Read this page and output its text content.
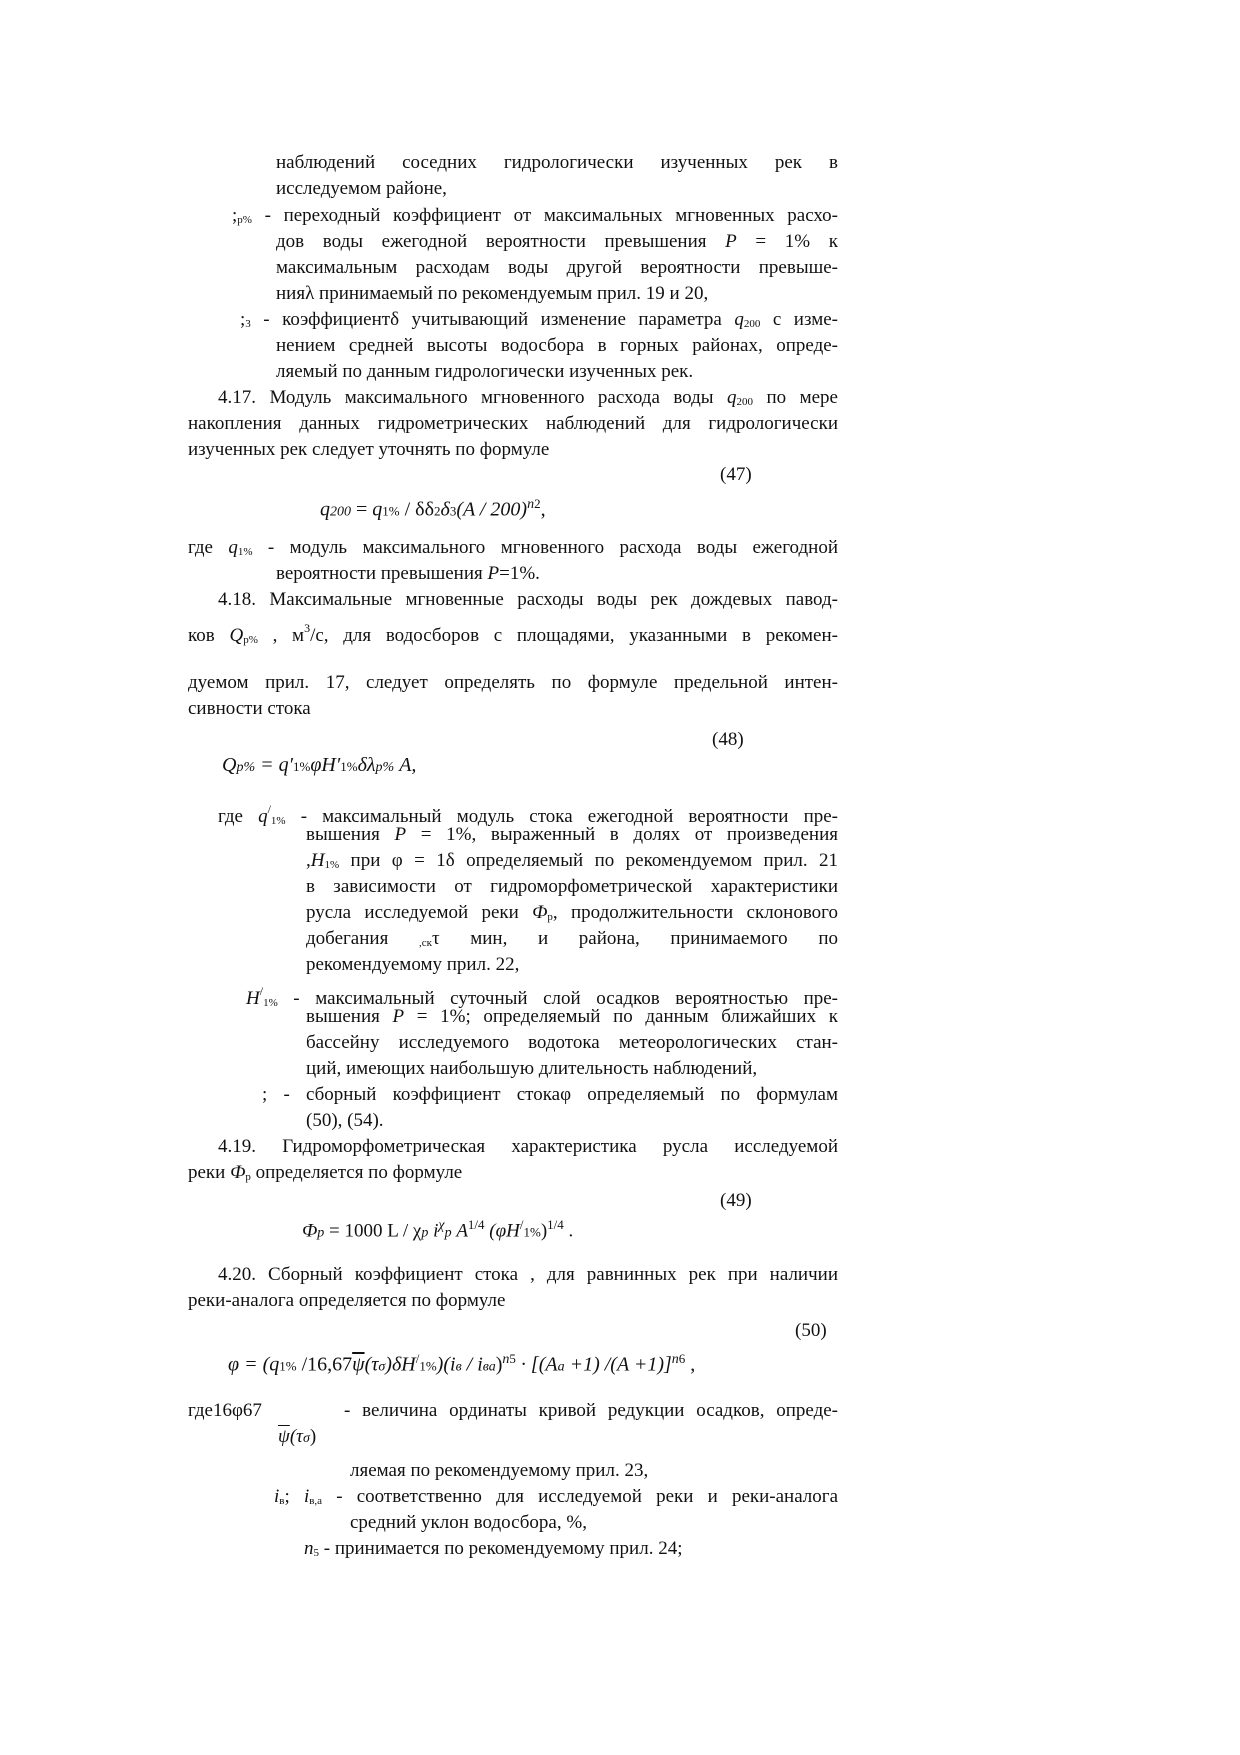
наблюдений соседних гидрологически изученных рек в
исследуемом районе,
;р% - переходный коэффициент от максимальных мгновенных расхо-
дов воды ежегодной вероятности превышения Р = 1% к
максимальным расходам воды другой вероятности превыше-
нияλ принимаемый по рекомендуемым прил. 19 и 20,
;3 - коэффициентδ учитывающий изменение параметра q200 с изме-
нением средней высоты водосбора в горных районах, опреде-
ляемый по данным гидрологически изученных рек.
4.17. Модуль максимального мгновенного расхода воды q200 по мере
накопления данных гидрометрических наблюдений для гидрологически
изученных рек следует уточнять по формуле
(47)
q200 = q1% / δδ2δ3(A / 200)$^{n2}$,
где q1% - модуль максимального мгновенного расхода воды ежегодной
вероятности превышения Р=1%.
4.18. Максимальные мгновенные расходы воды рек дождевых павод-
ков Qр% , $м^3/с$, для водосборов с площадями, указанными в рекомен-
дуемом прил. 17, следует определять по формуле предельной интен-
сивности стока
(48)
Qр% = q′1%φH′1%δλр% A,
где q/1% - максимальный модуль стока ежегодной вероятности пре-
вышения Р = 1%, выраженный в долях от произведения
,Н1% при φ = 1δ определяемый по рекомендуемом прил. 21
в зависимости от гидроморфометрической характеристики
русла исследуемой реки Фр, продолжительности склонового
добегания ,скτ мин, и района, принимаемого по
рекомендуемому прил. 22,
Н/1% - максимальный суточный слой осадков вероятностью пре-
вышения Р = 1%; определяемый по данным ближайших к
бассейну исследуемого водотока метеорологических стан-
ций, имеющих наибольшую длительность наблюдений,
; - сборный коэффициент стокаφ определяемый по формулам
(50), (54).
4.19. Гидроморфометрическая характеристика русла исследуемой
реки Фр определяется по формуле
(49)
Фр = 1000 L / χр $i^\chi р$ $A^{1/4}$ $(\varphi H^/1\%)^{1/4}$ .
4.20. Сборный коэффициент стока , для равнинных рек при наличии
реки-аналога определяется по формуле
(50)
φ = (q1% $/16,67\overline{\psi}(\tau\sigma)\delta H^/1\%)(iв / iва)^{n5} \cdot [(Aa +1)$ /(A +1)]$^{n6}$ ,
где16φ67	- величина ординаты кривой редукции осадков, опреде-
$\overline{\psi}(\tau\sigma)$
ляемая по рекомендуемому прил. 23,
iв; iв,а - соответственно для исследуемой реки и реки-аналога
средний уклон водосбора, %,
n5 - принимается по рекомендуемому прил. 24;
